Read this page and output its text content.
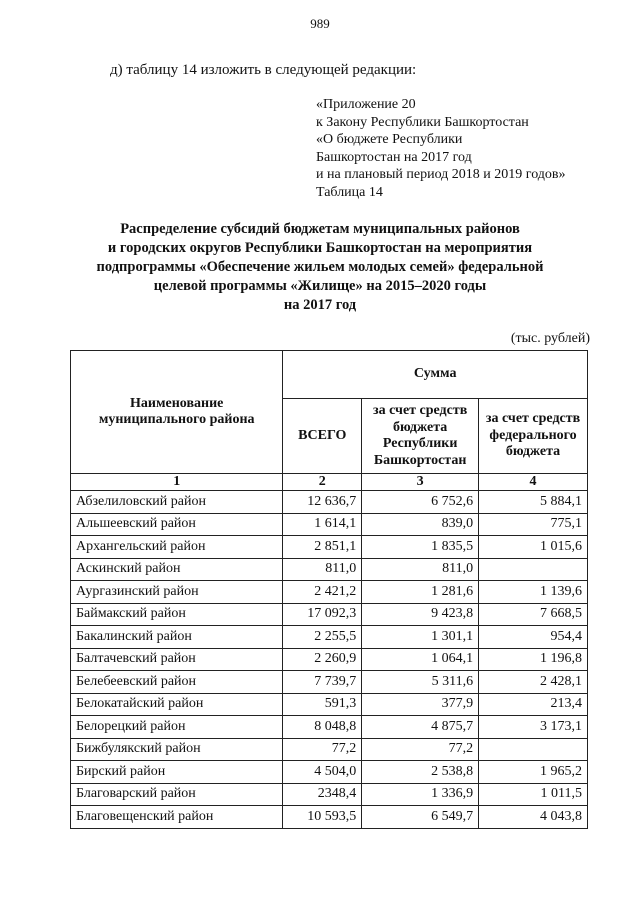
989
д) таблицу 14 изложить в следующей редакции:
«Приложение 20
к Закону Республики Башкортостан
«О бюджете Республики
Башкортостан на 2017 год
и на плановый период 2018 и 2019 годов»
Таблица 14
Распределение субсидий бюджетам муниципальных районов
и городских округов Республики Башкортостан на мероприятия
подпрограммы «Обеспечение жильем молодых семей» федеральной
целевой программы «Жилище» на 2015–2020 годы
на 2017 год
(тыс. рублей)
Наименование муниципального района	Сумма		
	ВСЕГО	за счет средств бюджета Республики Башкортостан	за счет средств федерального бюджета
1	2	3	4
Абзелиловский район	12 636,7	6 752,6	5 884,1
Альшеевский район	1 614,1	839,0	775,1
Архангельский район	2 851,1	1 835,5	1 015,6
Аскинский район	811,0	811,0	
Аургазинский район	2 421,2	1 281,6	1 139,6
Баймакский район	17 092,3	9 423,8	7 668,5
Бакалинский район	2 255,5	1 301,1	954,4
Балтачевский район	2 260,9	1 064,1	1 196,8
Белебеевский район	7 739,7	5 311,6	2 428,1
Белокатайский район	591,3	377,9	213,4
Белорецкий район	8 048,8	4 875,7	3 173,1
Бижбулякский район	77,2	77,2	
Бирский район	4 504,0	2 538,8	1 965,2
Благоварский район	2348,4	1 336,9	1 011,5
Благовещенский район	10 593,5	6 549,7	4 043,8
